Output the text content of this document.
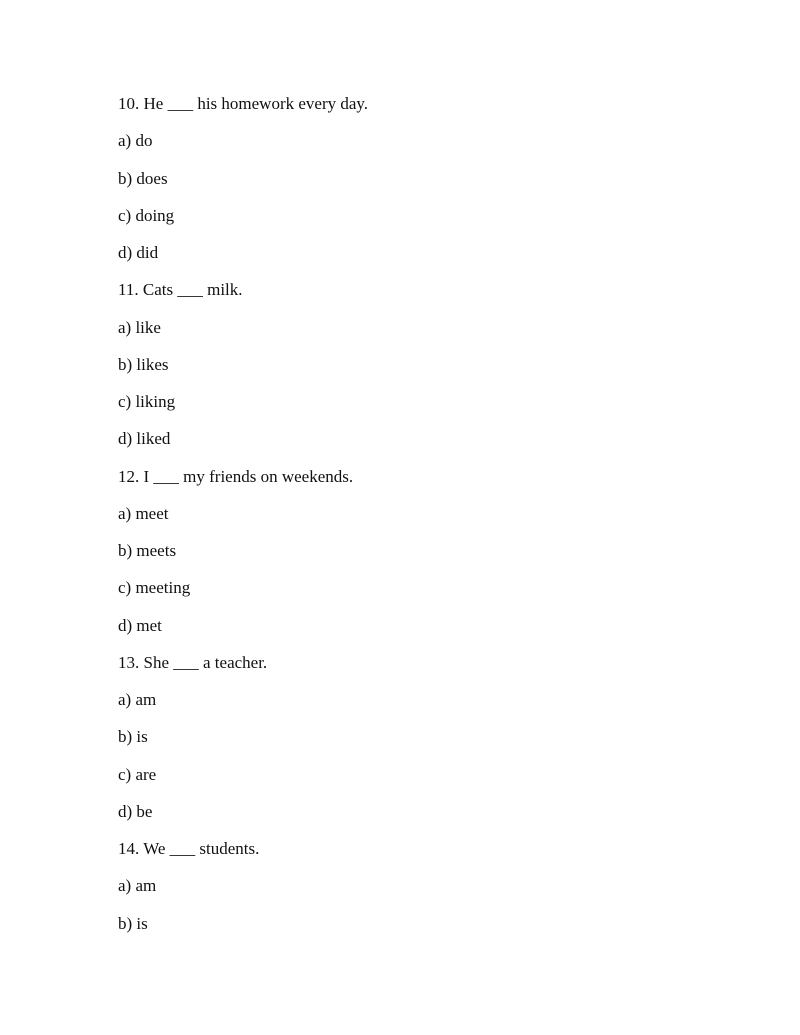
10. He ___ his homework every day.
a) do
b) does
c) doing
d) did
11. Cats ___ milk.
a) like
b) likes
c) liking
d) liked
12. I ___ my friends on weekends.
a) meet
b) meets
c) meeting
d) met
13. She ___ a teacher.
a) am
b) is
c) are
d) be
14. We ___ students.
a) am
b) is
